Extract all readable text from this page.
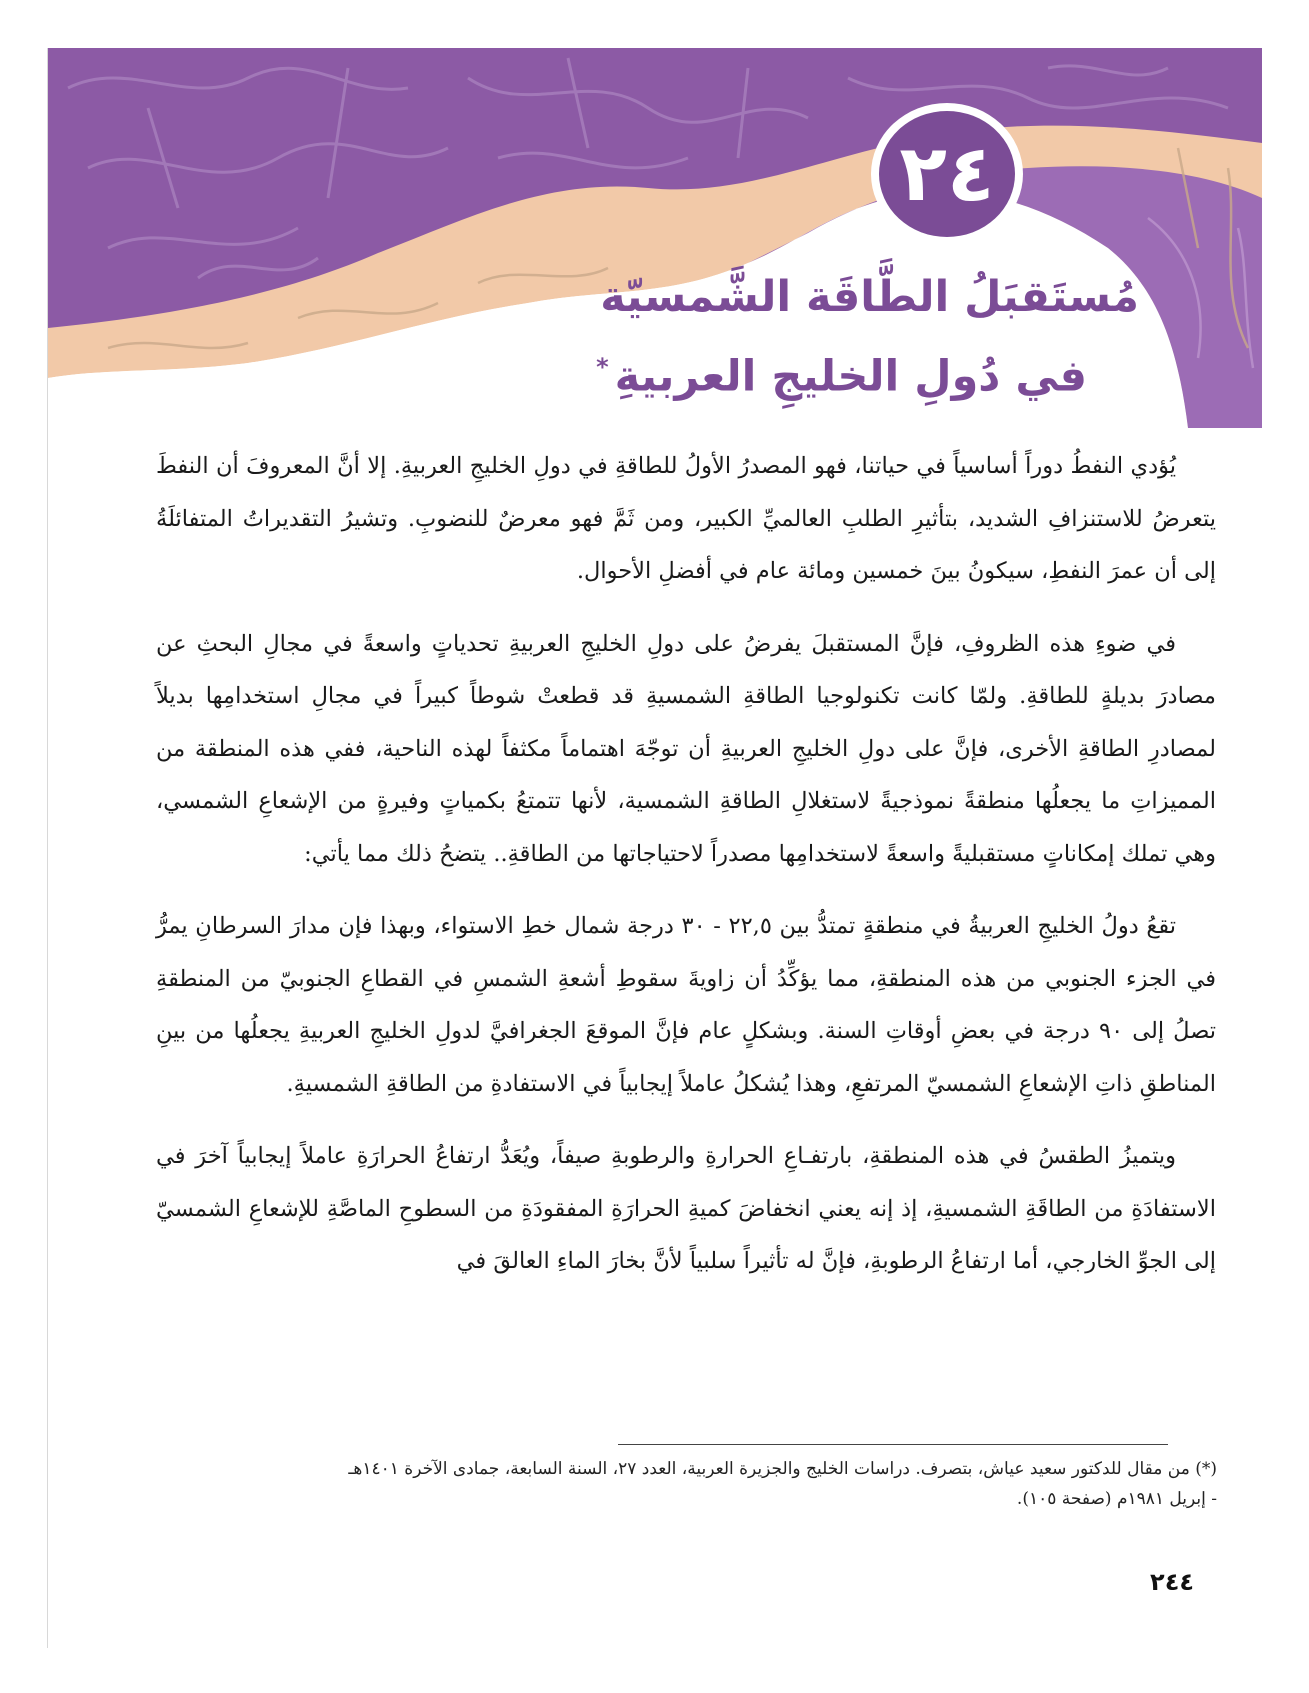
٢٤
مُستَقبَلُ الطَّاقَة الشَّمسيّة
في دُولِ الخليجِ العربيةِ*

يُؤدي النفطُ دوراً أساسياً في حياتنا، فهو المصدرُ الأولُ للطاقةِ في دولِ الخليجِ العربيةِ. إلا أنَّ المعروفَ أن النفطَ يتعرضُ للاستنزافِ الشديد، بتأثيرِ الطلبِ العالميِّ الكبير، ومن ثَمَّ فهو معرضٌ للنضوبِ. وتشيرُ التقديراتُ المتفائلَةُ إلى أن عمرَ النفطِ، سيكونُ بينَ خمسين ومائة عام في أفضلِ الأحوال.

في ضوءِ هذه الظروفِ، فإنَّ المستقبلَ يفرضُ على دولِ الخليجِ العربيةِ تحدياتٍ واسعةً في مجالِ البحثِ عن مصادرَ بديلةٍ للطاقةِ. ولمّا كانت تكنولوجيا الطاقةِ الشمسيةِ قد قطعتْ شوطاً كبيراً في مجالِ استخدامِها بديلاً لمصادرِ الطاقةِ الأخرى، فإنَّ على دولِ الخليجِ العربيةِ أن توجّهَ اهتماماً مكثفاً لهذه الناحية، ففي هذه المنطقة من المميزاتِ ما يجعلُها منطقةً نموذجيةً لاستغلالِ الطاقةِ الشمسية، لأنها تتمتعُ بكمياتٍ وفيرةٍ من الإشعاعِ الشمسي، وهي تملك إمكاناتٍ مستقبليةً واسعةً لاستخدامِها مصدراً لاحتياجاتها من الطاقةِ.. يتضحُ ذلك مما يأتي:

تقعُ دولُ الخليجِ العربيةُ في منطقةٍ تمتدُّ بين ٢٢,٥ - ٣٠ درجة شمال خطِ الاستواء، وبهذا فإن مدارَ السرطانِ يمرُّ في الجزء الجنوبي من هذه المنطقةِ، مما يؤكِّدُ أن زاويةَ سقوطِ أشعةِ الشمسِ في القطاعِ الجنوبيّ من المنطقةِ تصلُ إلى ٩٠ درجة في بعضِ أوقاتِ السنة. وبشكلٍ عام فإنَّ الموقعَ الجغرافيَّ لدولِ الخليجِ العربيةِ يجعلُها من بينِ المناطقِ ذاتِ الإشعاعِ الشمسيّ المرتفعِ، وهذا يُشكلُ عاملاً إيجابياً في الاستفادةِ من الطاقةِ الشمسيةِ.

ويتميزُ الطقسُ في هذه المنطقةِ، بارتفـاعِ الحرارةِ والرطوبةِ صيفاً، ويُعَدُّ ارتفاعُ الحرارَةِ عاملاً إيجابياً آخرَ في الاستفادَةِ من الطاقَةِ الشمسيةِ، إذ إنه يعني انخفاضَ كميةِ الحرارَةِ المفقودَةِ من السطوحِ الماصَّةِ للإشعاعِ الشمسيّ إلى الجوِّ الخارجي، أما ارتفاعُ الرطوبةِ، فإنَّ له تأثيراً سلبياً لأنَّ بخارَ الماءِ العالقَ في

(*) من مقال للدكتور سعيد عياش، بتصرف. دراسات الخليج والجزيرة العربية، العدد ٢٧، السنة السابعة، جمادى الآخرة ١٤٠١هـ
- إبريل ١٩٨١م (صفحة ١٠٥).
٢٤٤
